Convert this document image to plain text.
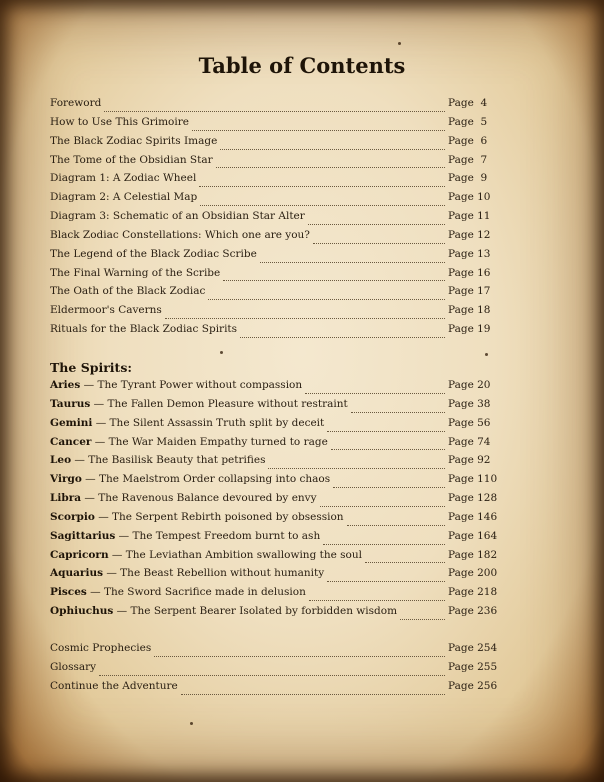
Table of Contents
Foreword	Page  4
How to Use This Grimoire	Page  5
The Black Zodiac Spirits Image	Page  6
The Tome of the Obsidian Star	Page  7
Diagram 1: A Zodiac Wheel	Page  9
Diagram 2: A Celestial Map	Page 10
Diagram 3: Schematic of an Obsidian Star Alter	Page 11
Black Zodiac Constellations: Which one are you?	Page 12
The Legend of the Black Zodiac Scribe	Page 13
The Final Warning of the Scribe	Page 16
The Oath of the Black Zodiac	Page 17
Eldermoor's Caverns	Page 18
Rituals for the Black Zodiac Spirits	Page 19
The Spirits:
Aries — The Tyrant Power without compassion	Page 20
Taurus — The Fallen Demon Pleasure without restraint	Page 38
Gemini — The Silent Assassin Truth split by deceit	Page 56
Cancer — The War Maiden Empathy turned to rage	Page 74
Leo — The Basilisk Beauty that petrifies	Page 92
Virgo — The Maelstrom Order collapsing into chaos	Page 110
Libra — The Ravenous Balance devoured by envy	Page 128
Scorpio — The Serpent Rebirth poisoned by obsession	Page 146
Sagittarius — The Tempest Freedom burnt to ash	Page 164
Capricorn — The Leviathan Ambition swallowing the soul	Page 182
Aquarius — The Beast Rebellion without humanity	Page 200
Pisces — The Sword Sacrifice made in delusion	Page 218
Ophiuchus — The Serpent Bearer Isolated by forbidden wisdom	Page 236
Cosmic Prophecies	Page 254
Glossary	Page 255
Continue the Adventure	Page 256
